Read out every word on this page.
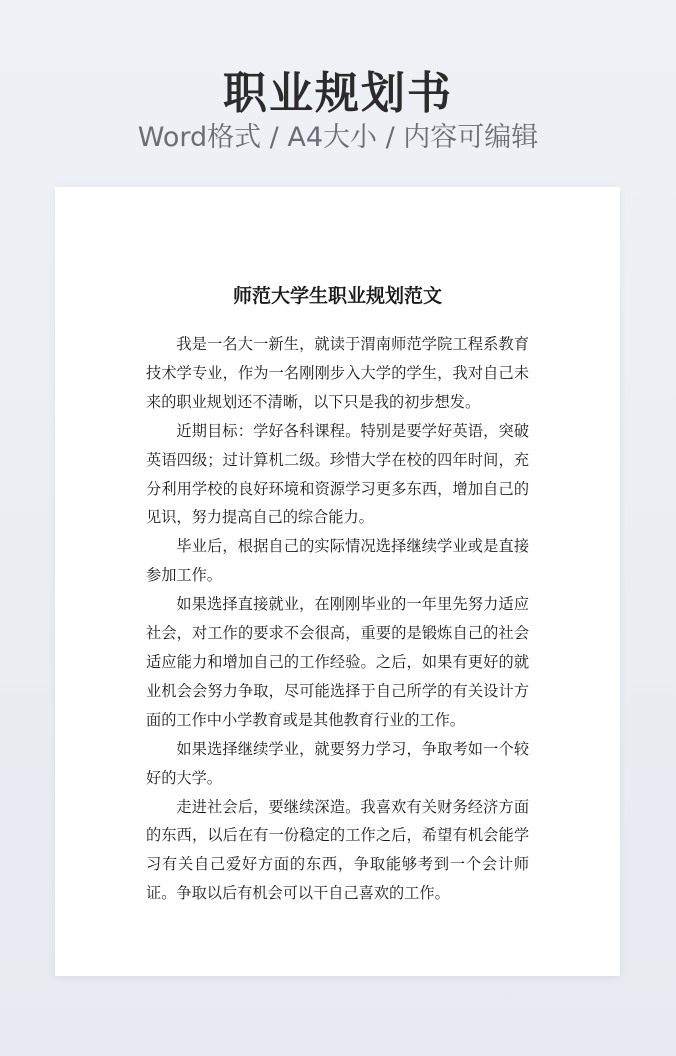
职业规划书
Word格式 / A4大小 / 内容可编辑
师范大学生职业规划范文

我是一名大一新生，就读于渭南师范学院工程系教育技术学专业，作为一名刚刚步入大学的学生，我对自己未来的职业规划还不清晰，以下只是我的初步想发。

近期目标：学好各科课程。特别是要学好英语，突破英语四级；过计算机二级。珍惜大学在校的四年时间，充分利用学校的良好环境和资源学习更多东西，增加自己的见识，努力提高自己的综合能力。

毕业后，根据自己的实际情况选择继续学业或是直接参加工作。

如果选择直接就业，在刚刚毕业的一年里先努力适应社会，对工作的要求不会很高，重要的是锻炼自己的社会适应能力和增加自己的工作经验。之后，如果有更好的就业机会会努力争取，尽可能选择于自己所学的有关设计方面的工作中小学教育或是其他教育行业的工作。

如果选择继续学业，就要努力学习，争取考如一个较好的大学。

走进社会后，要继续深造。我喜欢有关财务经济方面的东西，以后在有一份稳定的工作之后，希望有机会能学习有关自己爱好方面的东西，争取能够考到一个会计师证。争取以后有机会可以干自己喜欢的工作。
